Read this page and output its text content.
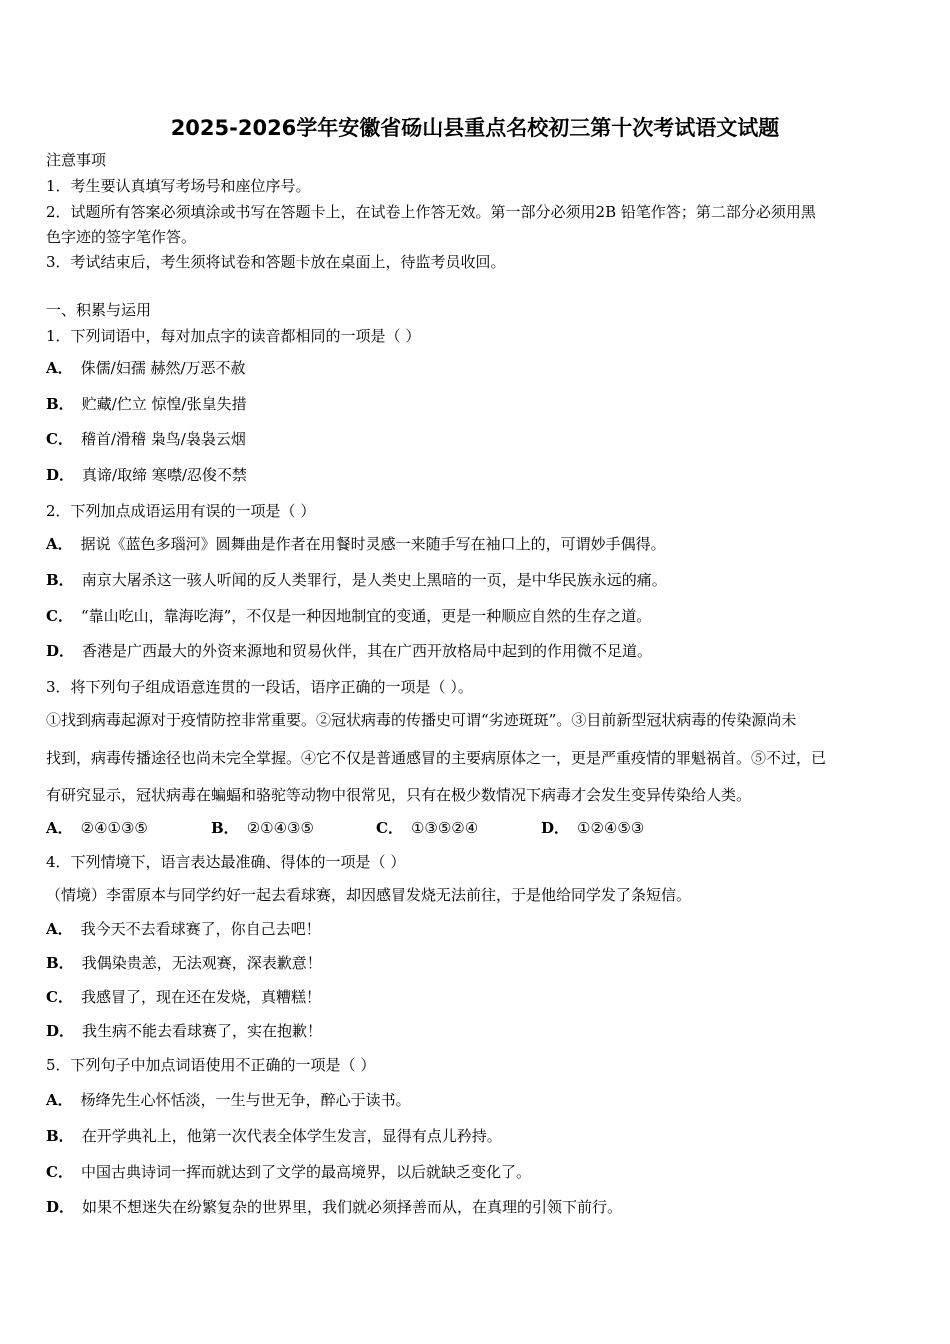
2025-2026学年安徽省砀山县重点名校初三第十次考试语文试题
注意事项
1．考生要认真填写考场号和座位序号。
2．试题所有答案必须填涂或书写在答题卡上，在试卷上作答无效。第一部分必须用2B 铅笔作答；第二部分必须用黑
色字迹的签字笔作答。
3．考试结束后，考生须将试卷和答题卡放在桌面上，待监考员收回。
一、积累与运用
1．下列词语中，每对加点字的读音都相同的一项是（ ）
A． 侏儒/妇孺 赫然/万恶不赦
B． 贮藏/伫立 惊惶/张皇失措
C． 稽首/滑稽 枭鸟/袅袅云烟
D． 真谛/取缔 寒噤/忍俊不禁
2．下列加点成语运用有误的一项是（ ）
A． 据说《蓝色多瑙河》圆舞曲是作者在用餐时灵感一来随手写在袖口上的，可谓妙手偶得。
B． 南京大屠杀这一骇人听闻的反人类罪行，是人类史上黑暗的一页，是中华民族永远的痛。
C． “靠山吃山，靠海吃海”，不仅是一种因地制宜的变通，更是一种顺应自然的生存之道。
D． 香港是广西最大的外资来源地和贸易伙伴，其在广西开放格局中起到的作用微不足道。
3．将下列句子组成语意连贯的一段话，语序正确的一项是（ ）。
①找到病毒起源对于疫情防控非常重要。②冠状病毒的传播史可谓“劣迹斑斑”。③目前新型冠状病毒的传染源尚未
找到，病毒传播途径也尚未完全掌握。④它不仅是普通感冒的主要病原体之一，更是严重疫情的罪魁祸首。⑤不过，已
有研究显示，冠状病毒在蝙蝠和骆驼等动物中很常见，只有在极少数情况下病毒才会发生变异传染给人类。
A． ②④①③⑤	B． ②①④③⑤	C． ①③⑤②④	D． ①②④⑤③
4．下列情境下，语言表达最准确、得体的一项是（ ）
（情境）李雷原本与同学约好一起去看球赛，却因感冒发烧无法前往，于是他给同学发了条短信。
A． 我今天不去看球赛了，你自己去吧！
B． 我偶染贵恙，无法观赛，深表歉意！
C． 我感冒了，现在还在发烧，真糟糕！
D． 我生病不能去看球赛了，实在抱歉！
5．下列句子中加点词语使用不正确的一项是（ ）
A． 杨绛先生心怀恬淡，一生与世无争，醉心于读书。
B． 在开学典礼上，他第一次代表全体学生发言，显得有点儿矜持。
C． 中国古典诗词一挥而就达到了文学的最高境界，以后就缺乏变化了。
D． 如果不想迷失在纷繁复杂的世界里，我们就必须择善而从，在真理的引领下前行。
